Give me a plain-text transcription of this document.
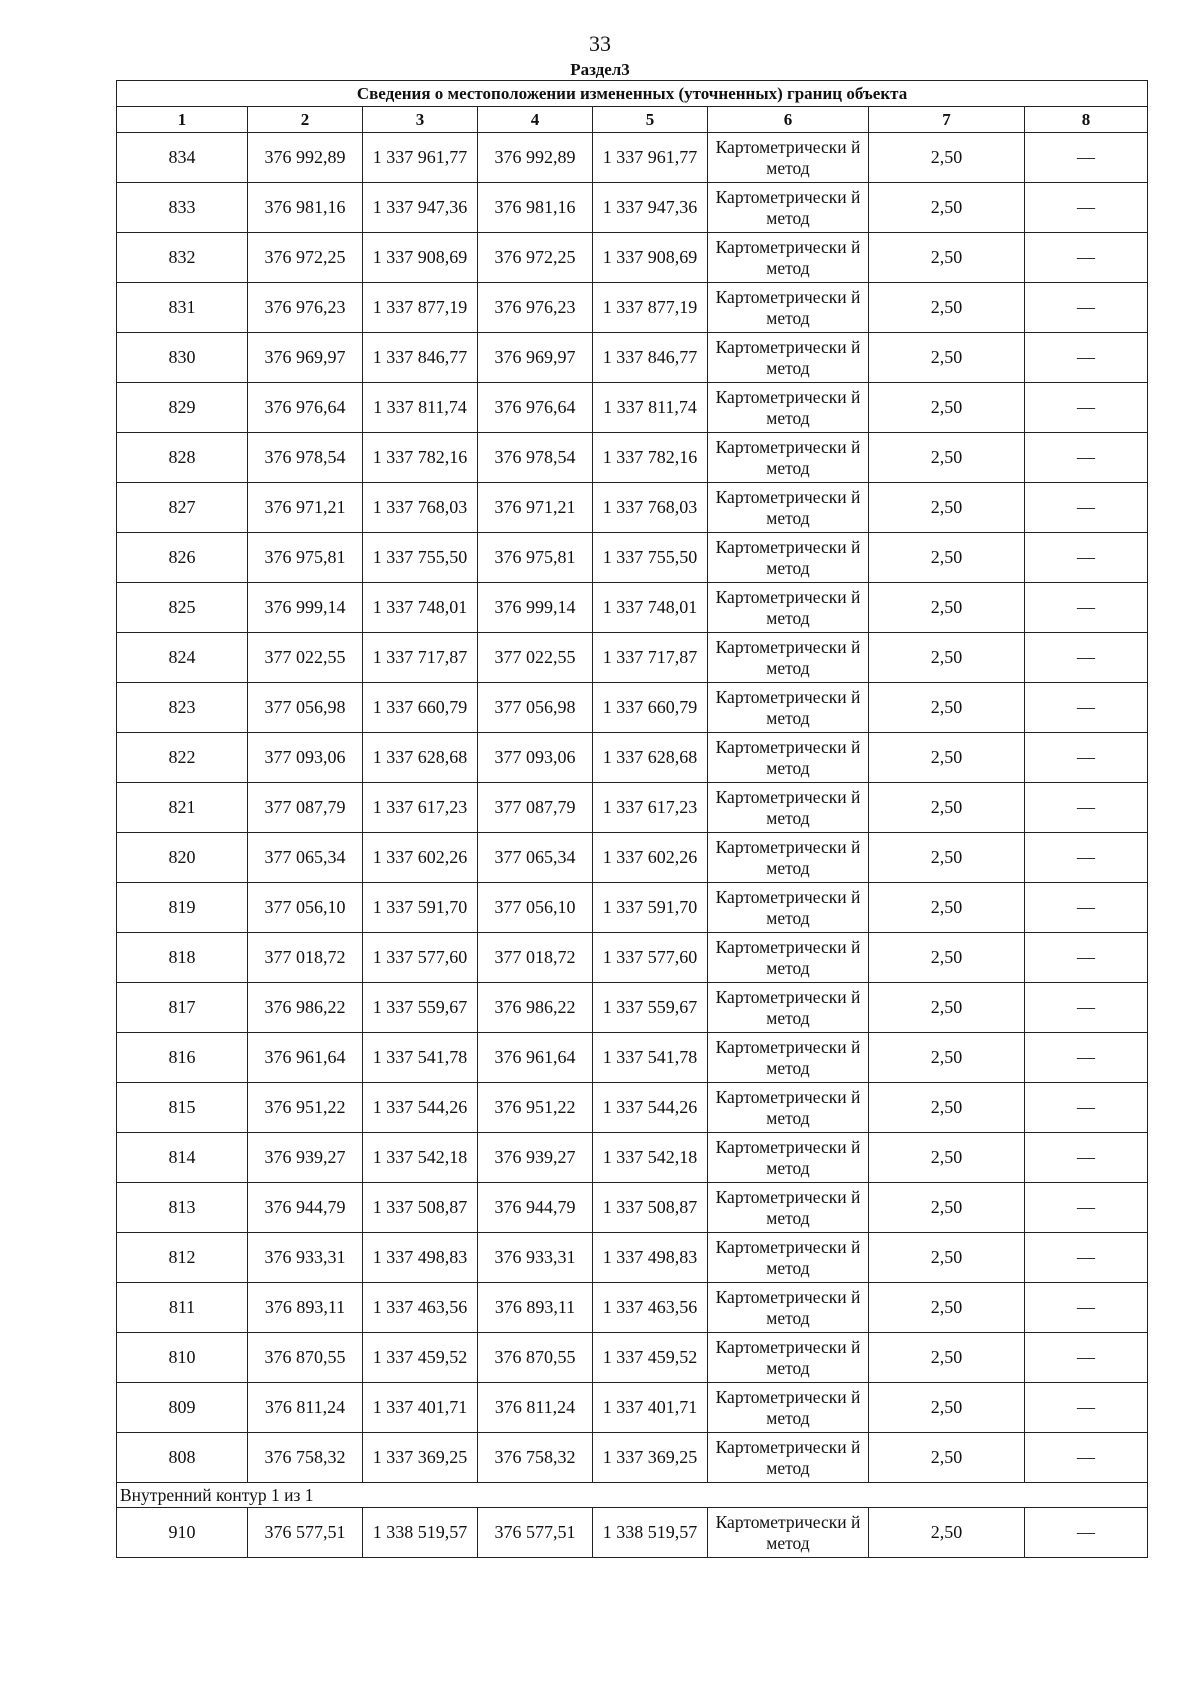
33
Раздел3
Сведения о местоположении измененных (уточненных) границ объекта							
1	2	3	4	5	6	7	8
834	376 992,89	1 337 961,77	376 992,89	1 337 961,77	Картометрически й метод	2,50	—
833	376 981,16	1 337 947,36	376 981,16	1 337 947,36	Картометрически й метод	2,50	—
832	376 972,25	1 337 908,69	376 972,25	1 337 908,69	Картометрически й метод	2,50	—
831	376 976,23	1 337 877,19	376 976,23	1 337 877,19	Картометрически й метод	2,50	—
830	376 969,97	1 337 846,77	376 969,97	1 337 846,77	Картометрически й метод	2,50	—
829	376 976,64	1 337 811,74	376 976,64	1 337 811,74	Картометрически й метод	2,50	—
828	376 978,54	1 337 782,16	376 978,54	1 337 782,16	Картометрически й метод	2,50	—
827	376 971,21	1 337 768,03	376 971,21	1 337 768,03	Картометрически й метод	2,50	—
826	376 975,81	1 337 755,50	376 975,81	1 337 755,50	Картометрически й метод	2,50	—
825	376 999,14	1 337 748,01	376 999,14	1 337 748,01	Картометрически й метод	2,50	—
824	377 022,55	1 337 717,87	377 022,55	1 337 717,87	Картометрически й метод	2,50	—
823	377 056,98	1 337 660,79	377 056,98	1 337 660,79	Картометрически й метод	2,50	—
822	377 093,06	1 337 628,68	377 093,06	1 337 628,68	Картометрически й метод	2,50	—
821	377 087,79	1 337 617,23	377 087,79	1 337 617,23	Картометрически й метод	2,50	—
820	377 065,34	1 337 602,26	377 065,34	1 337 602,26	Картометрически й метод	2,50	—
819	377 056,10	1 337 591,70	377 056,10	1 337 591,70	Картометрически й метод	2,50	—
818	377 018,72	1 337 577,60	377 018,72	1 337 577,60	Картометрически й метод	2,50	—
817	376 986,22	1 337 559,67	376 986,22	1 337 559,67	Картометрически й метод	2,50	—
816	376 961,64	1 337 541,78	376 961,64	1 337 541,78	Картометрически й метод	2,50	—
815	376 951,22	1 337 544,26	376 951,22	1 337 544,26	Картометрически й метод	2,50	—
814	376 939,27	1 337 542,18	376 939,27	1 337 542,18	Картометрически й метод	2,50	—
813	376 944,79	1 337 508,87	376 944,79	1 337 508,87	Картометрически й метод	2,50	—
812	376 933,31	1 337 498,83	376 933,31	1 337 498,83	Картометрически й метод	2,50	—
811	376 893,11	1 337 463,56	376 893,11	1 337 463,56	Картометрически й метод	2,50	—
810	376 870,55	1 337 459,52	376 870,55	1 337 459,52	Картометрически й метод	2,50	—
809	376 811,24	1 337 401,71	376 811,24	1 337 401,71	Картометрически й метод	2,50	—
808	376 758,32	1 337 369,25	376 758,32	1 337 369,25	Картометрически й метод	2,50	—
Внутренний контур 1 из 1							
910	376 577,51	1 338 519,57	376 577,51	1 338 519,57	Картометрически й метод	2,50	—
